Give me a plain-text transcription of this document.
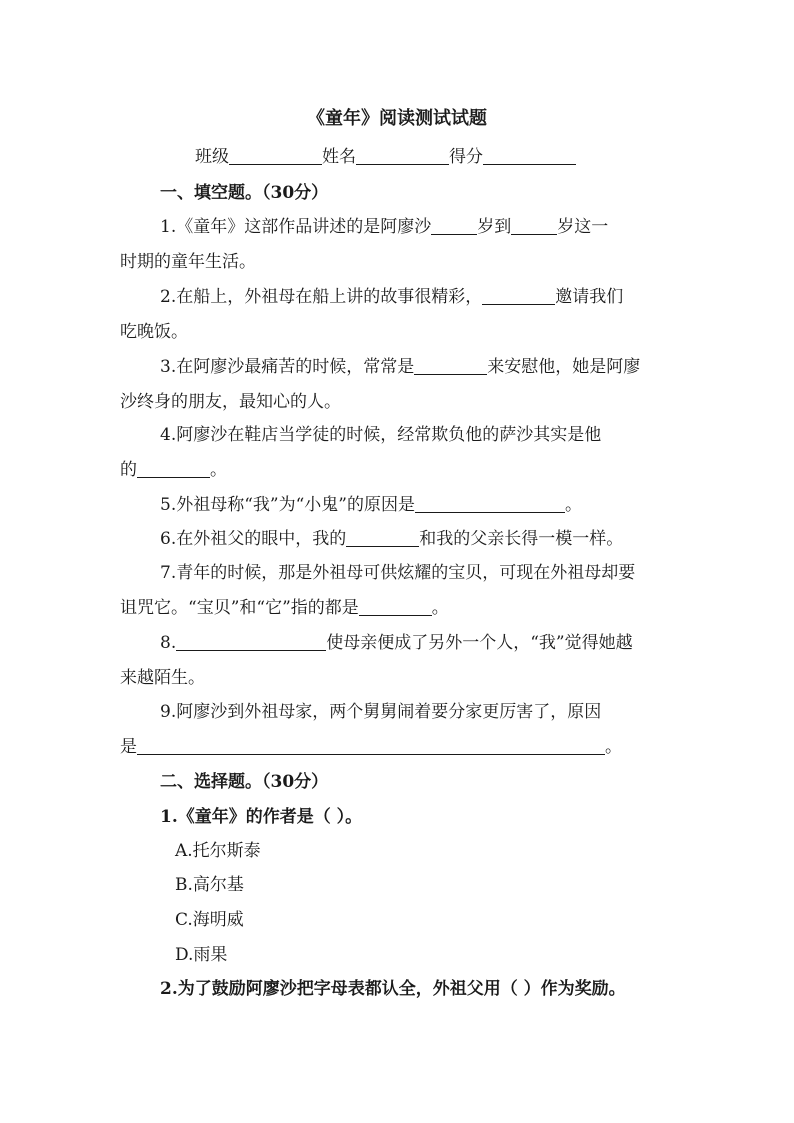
《童年》阅读测试试题
班级	姓名	得分
一、填空题。（30分）
1.《童年》这部作品讲述的是阿廖沙	岁到	岁这一
时期的童年生活。
2.在船上，外祖母在船上讲的故事很精彩，	邀请我们
吃晚饭。
3.在阿廖沙最痛苦的时候，常常是	来安慰他，她是阿廖
沙终身的朋友，最知心的人。
4.阿廖沙在鞋店当学徒的时候，经常欺负他的萨沙其实是他
的	。
5.外祖母称“我”为“小鬼”的原因是	。
6.在外祖父的眼中，我的	和我的父亲长得一模一样。
7.青年的时候，那是外祖母可供炫耀的宝贝，可现在外祖母却要
诅咒它。“宝贝”和“它”指的都是	。
8.	使母亲便成了另外一个人，“我”觉得她越
来越陌生。
9.阿廖沙到外祖母家，两个舅舅闹着要分家更厉害了，原因
是	。
二、选择题。（30分）
1.《童年》的作者是（ ）。
A.托尔斯泰
B.高尔基
C.海明威
D.雨果
2.为了鼓励阿廖沙把字母表都认全，外祖父用（ ）作为奖励。
